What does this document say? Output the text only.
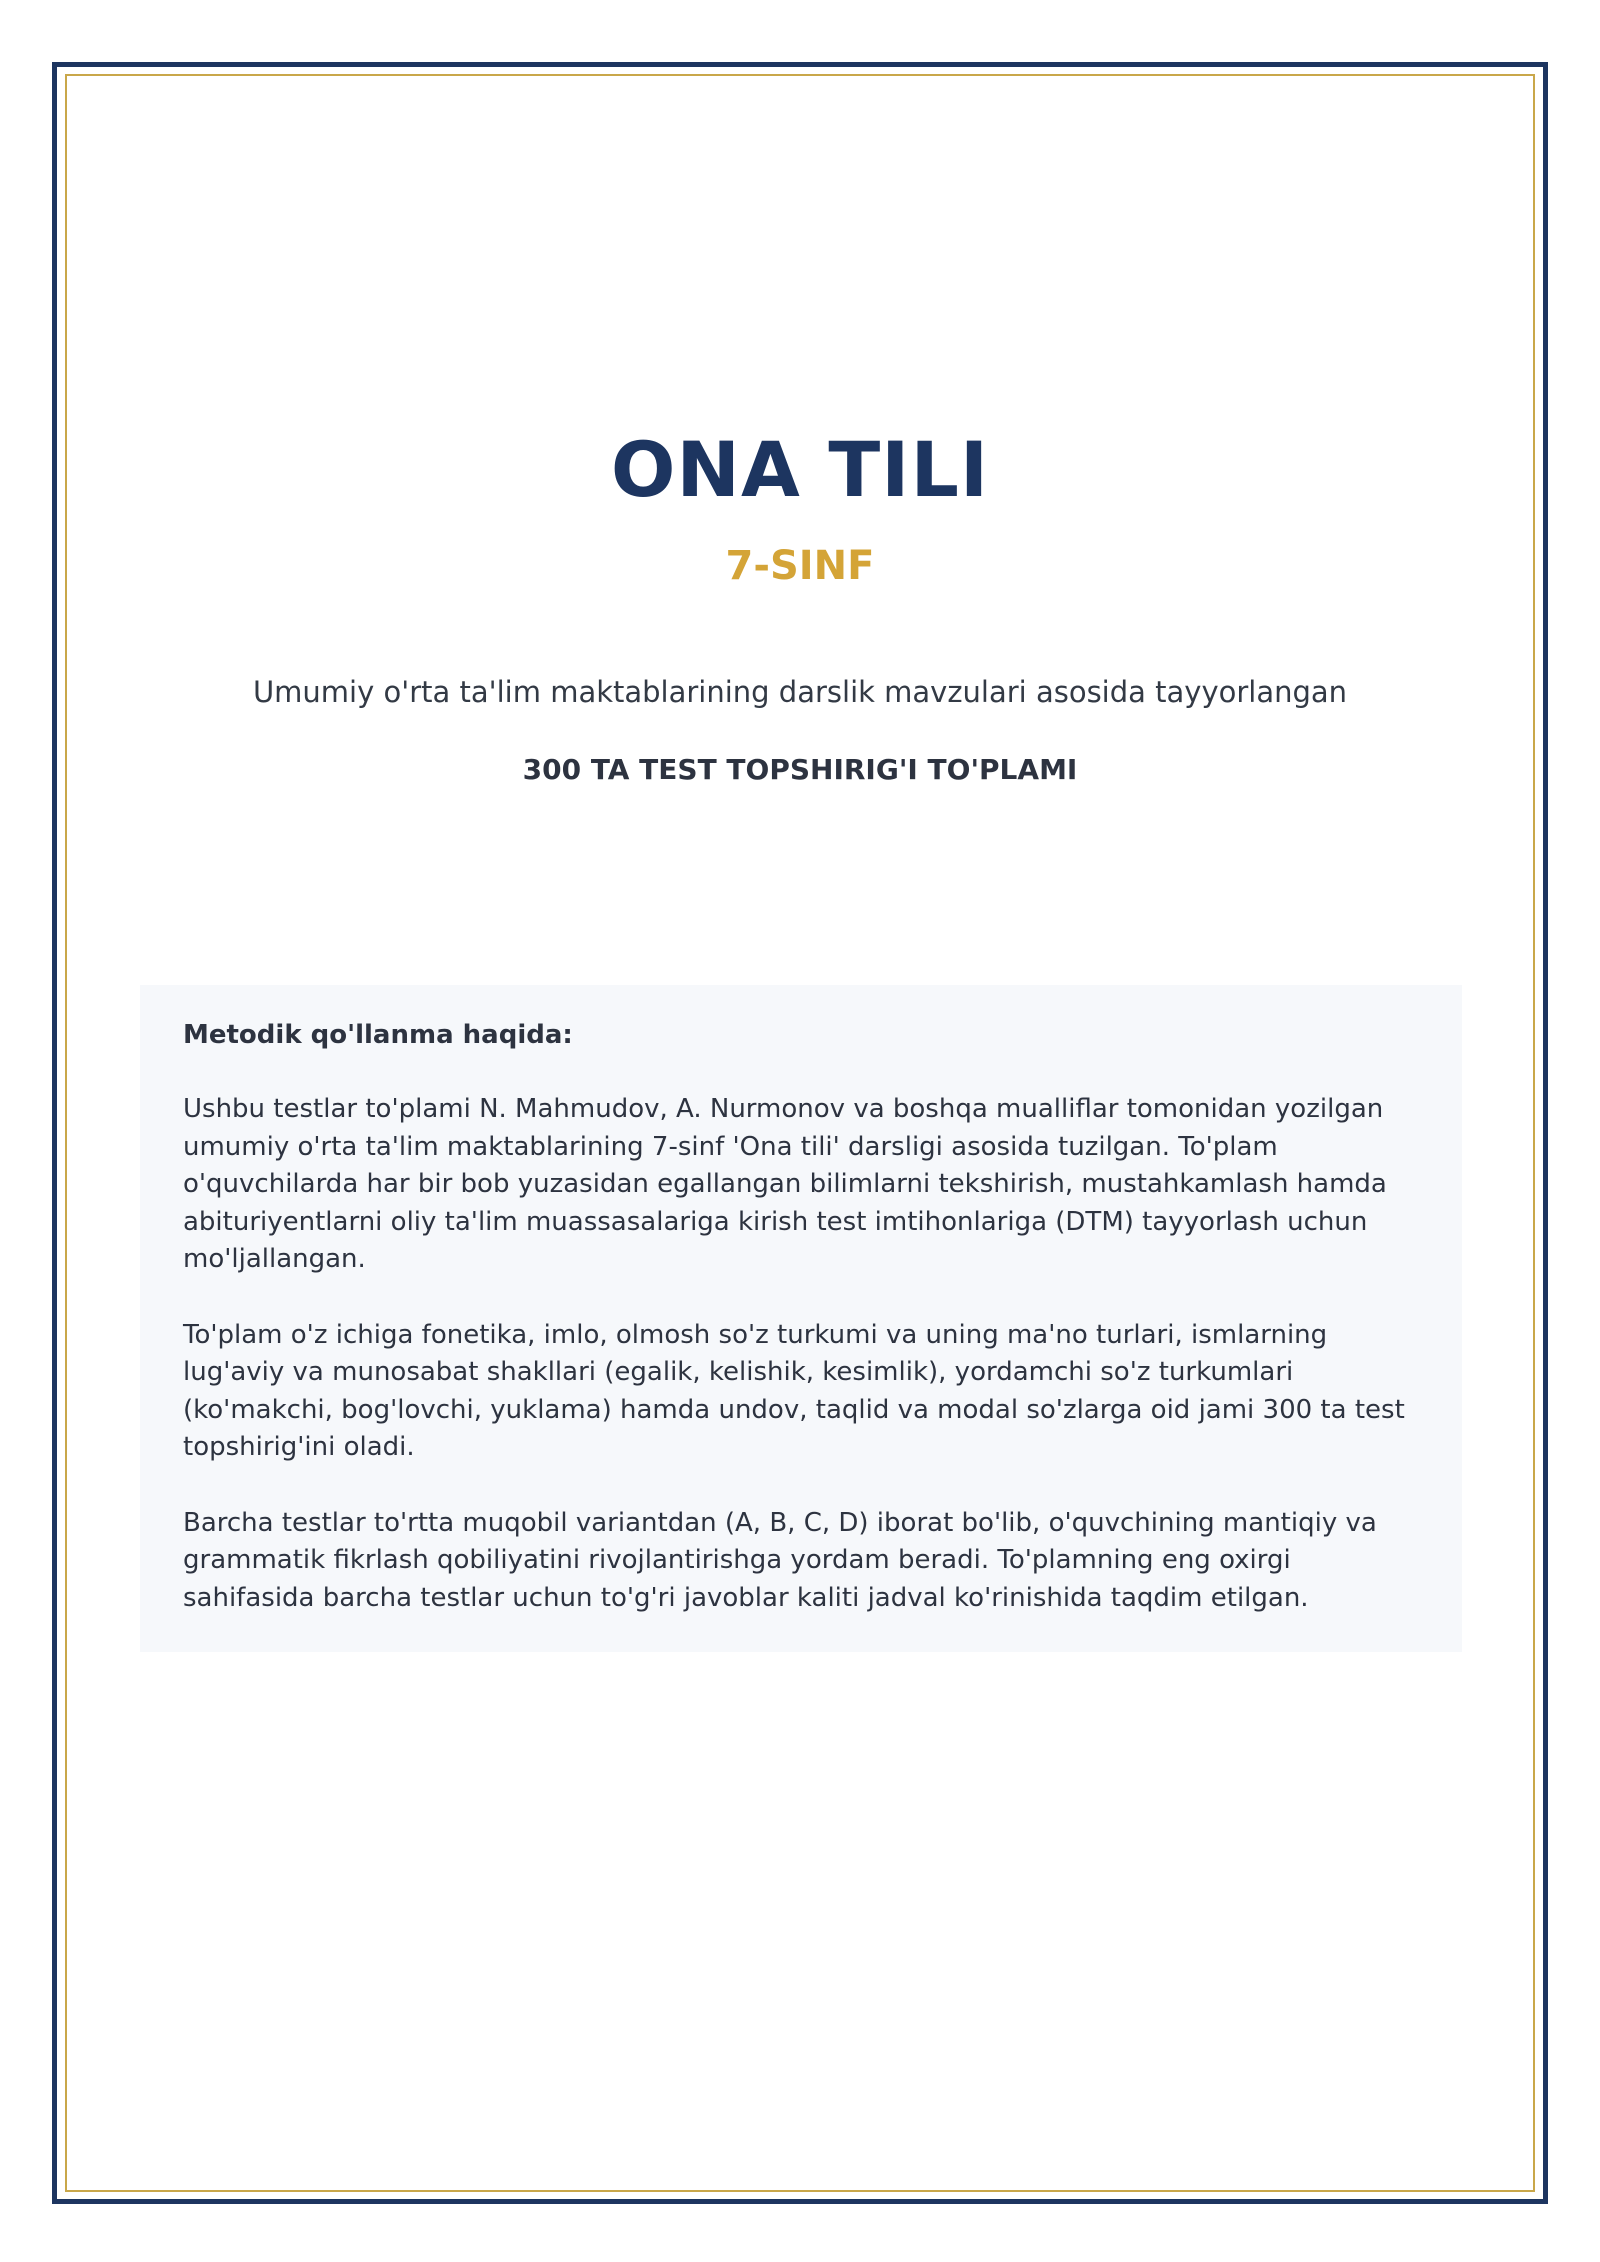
ONA TILI
7-SINF
Umumiy o'rta ta'lim maktablarining darslik mavzulari asosida tayyorlangan
300 TA TEST TOPSHIRIG'I TO'PLAMI

Metodik qo'llanma haqida:

Ushbu testlar to'plami N. Mahmudov, A. Nurmonov va boshqa mualliflar tomonidan yozilgan umumiy o'rta ta'lim maktablarining 7-sinf 'Ona tili' darsligi asosida tuzilgan. To'plam o'quvchilarda har bir bob yuzasidan egallangan bilimlarni tekshirish, mustahkamlash hamda abituriyentlarni oliy ta'lim muassasalariga kirish test imtihonlariga (DTM) tayyorlash uchun mo'ljallangan.

To'plam o'z ichiga fonetika, imlo, olmosh so'z turkumi va uning ma'no turlari, ismlarning lug'aviy va munosabat shakllari (egalik, kelishik, kesimlik), yordamchi so'z turkumlari (ko'makchi, bog'lovchi, yuklama) hamda undov, taqlid va modal so'zlarga oid jami 300 ta test topshirig'ini oladi.

Barcha testlar to'rtta muqobil variantdan (A, B, C, D) iborat bo'lib, o'quvchining mantiqiy va grammatik fikrlash qobiliyatini rivojlantirishga yordam beradi. To'plamning eng oxirgi sahifasida barcha testlar uchun to'g'ri javoblar kaliti jadval ko'rinishida taqdim etilgan.
